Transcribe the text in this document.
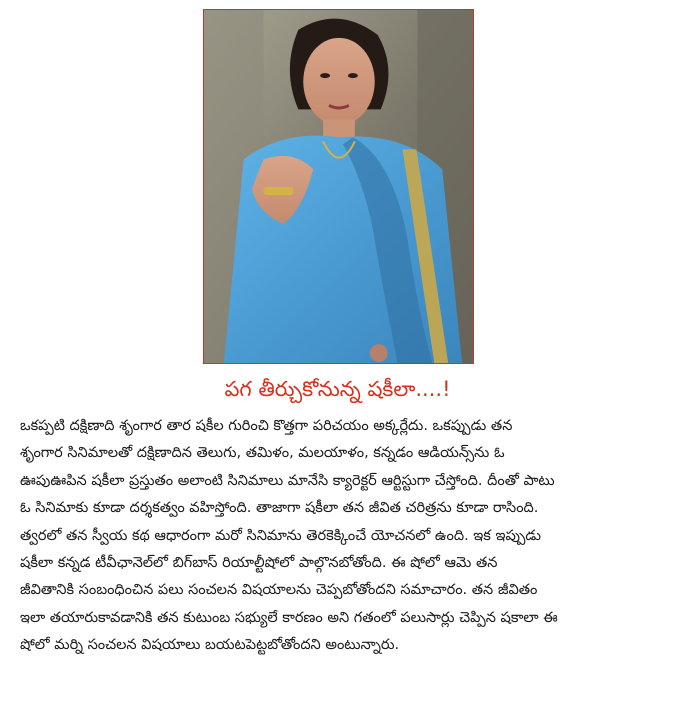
పగ తీర్చుకోనున్న షకీలా....!
ఒకప్పటి దక్షిణాది శృంగార తార షకీల గురించి కొత్తగా పరిచయం అక్కర్లేదు. ఒకప్పుడు తన
శృంగార సినిమాలతో దక్షిణాదిన తెలుగు, తమిళం, మలయాళం, కన్నడం ఆడియన్స్‌ను ఓ
ఊపుఊపిన షకీలా ప్రస్తుతం అలాంటి సినిమాలు మానేసి క్యారెక్టర్ ఆర్టిస్టుగా చేస్తోంది. దీంతో పాటు
ఓ సినిమాకు కూడా దర్శకత్వం వహిస్తోంది. తాజాగా షకీలా తన జీవిత చరిత్రను కూడా రాసింది.
త్వరలో తన స్వీయ కథ ఆధారంగా మరో సినిమాను తెరకెక్కించే యోచనలో ఉంది. ఇక ఇప్పుడు
షకీలా కన్నడ టీవీఛానెల్‌లో బిగ్‌బాస్ రియాల్టీషోలో పాల్గొనబోతోంది. ఈ షోలో ఆమె తన
జీవితానికి సంబంధించిన పలు సంచలన విషయాలను చెప్పబోతోందని సమాచారం. తన జీవితం
ఇలా తయారుకావడానికి తన కుటుంబ సభ్యులే కారణం అని గతంలో పలుసార్లు చెప్పిన షకాలా ఈ
షోలో మర్ని సంచలన విషయాలు బయటపెట్టబోతోందని అంటున్నారు.
